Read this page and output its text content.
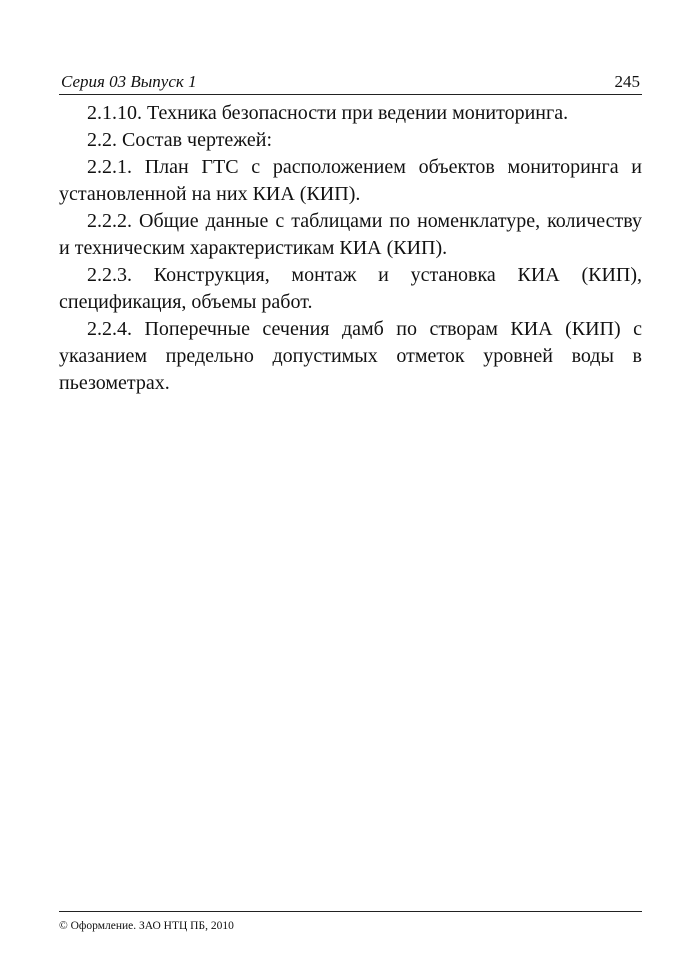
Серия 03 Выпуск 1	245

2.1.10. Техника безопасности при ведении мониторинга.

2.2. Состав чертежей:

2.2.1. План ГТС с расположением объектов мониторинга и установленной на них КИА (КИП).

2.2.2. Общие данные с таблицами по номенклатуре, количеству и техническим характеристикам КИА (КИП).

2.2.3. Конструкция, монтаж и установка КИА (КИП), спецификация, объемы работ.

2.2.4. Поперечные сечения дамб по створам КИА (КИП) с указанием предельно допустимых отметок уровней воды в пьезометрах.

© Оформление. ЗАО НТЦ ПБ, 2010
